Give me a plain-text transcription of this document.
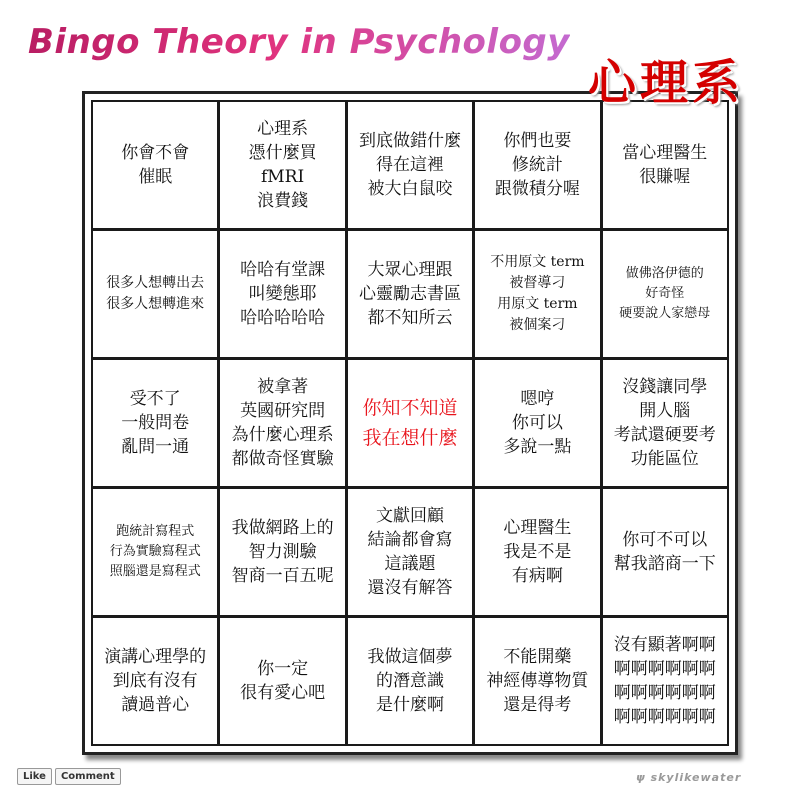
Bingo Theory in Psychology
心理系
你會不會
催眠
心理系
憑什麼買
fMRI
浪費錢
到底做錯什麼
得在這裡
被大白鼠咬
你們也要
修統計
跟微積分喔
當心理醫生
很賺喔
很多人想轉出去
很多人想轉進來
哈哈有堂課
叫變態耶
哈哈哈哈哈
大眾心理跟
心靈勵志書區
都不知所云
不用原文 term
被督導刁
用原文 term
被個案刁
做佛洛伊德的
好奇怪
硬要說人家戀母
受不了
一般問卷
亂問一通
被拿著
英國研究問
為什麼心理系
都做奇怪實驗
你知不知道
我在想什麼
嗯哼
你可以
多說一點
沒錢讓同學
開人腦
考試還硬要考
功能區位
跑統計寫程式
行為實驗寫程式
照腦還是寫程式
我做網路上的
智力測驗
智商一百五呢
文獻回顧
結論都會寫
這議題
還沒有解答
心理醫生
我是不是
有病啊
你可不可以
幫我諮商一下
演講心理學的
到底有沒有
讀過普心
你一定
很有愛心吧
我做這個夢
的潛意識
是什麼啊
不能開藥
神經傳導物質
還是得考
沒有顯著啊啊
啊啊啊啊啊啊
啊啊啊啊啊啊
啊啊啊啊啊啊
Like	Comment	ψ skylikewater
